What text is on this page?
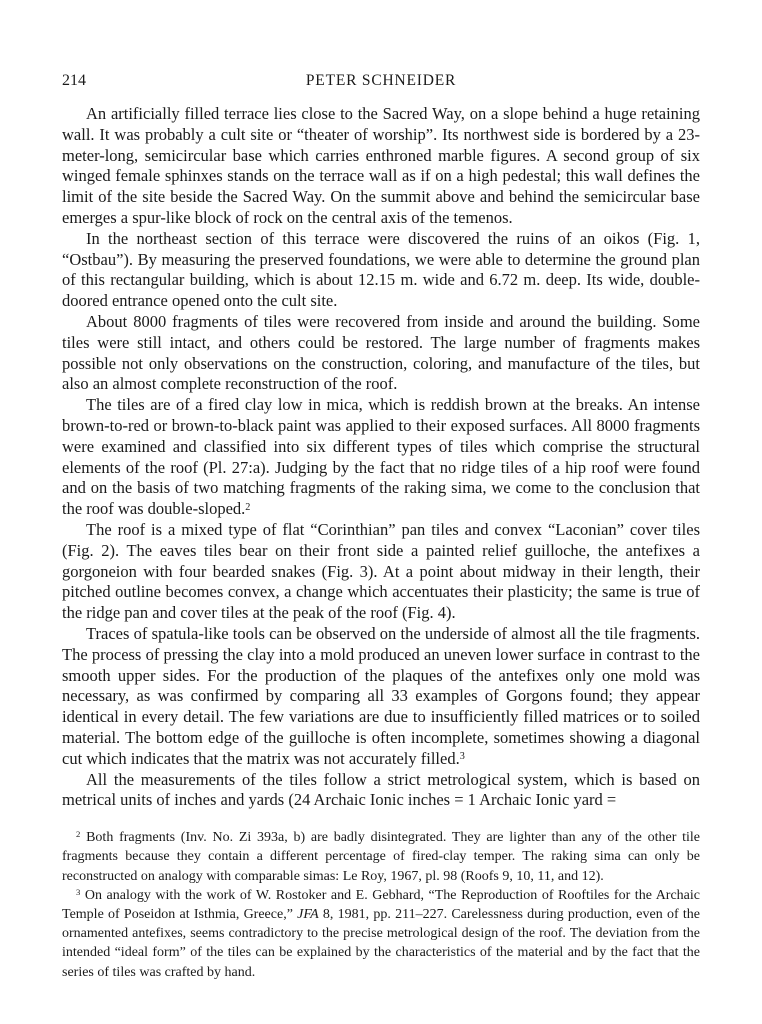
214	PETER SCHNEIDER

An artificially filled terrace lies close to the Sacred Way, on a slope behind a huge retaining wall. It was probably a cult site or “theater of worship”. Its northwest side is bordered by a 23-meter-long, semicircular base which carries enthroned marble figures. A second group of six winged female sphinxes stands on the terrace wall as if on a high pedestal; this wall defines the limit of the site beside the Sacred Way. On the summit above and behind the semicircular base emerges a spur-like block of rock on the central axis of the temenos.

In the northeast section of this terrace were discovered the ruins of an oikos (Fig. 1, “Ostbau”). By measuring the preserved foundations, we were able to determine the ground plan of this rectangular building, which is about 12.15 m. wide and 6.72 m. deep. Its wide, double-doored entrance opened onto the cult site.

About 8000 fragments of tiles were recovered from inside and around the building. Some tiles were still intact, and others could be restored. The large number of fragments makes possible not only observations on the construction, coloring, and manufacture of the tiles, but also an almost complete reconstruction of the roof.

The tiles are of a fired clay low in mica, which is reddish brown at the breaks. An intense brown-to-red or brown-to-black paint was applied to their exposed surfaces. All 8000 fragments were examined and classified into six different types of tiles which comprise the structural elements of the roof (Pl. 27:a). Judging by the fact that no ridge tiles of a hip roof were found and on the basis of two matching fragments of the raking sima, we come to the conclusion that the roof was double-sloped.$^2$

The roof is a mixed type of flat “Corinthian” pan tiles and convex “Laconian” cover tiles (Fig. 2). The eaves tiles bear on their front side a painted relief guilloche, the antefixes a gorgoneion with four bearded snakes (Fig. 3). At a point about midway in their length, their pitched outline becomes convex, a change which accentuates their plasticity; the same is true of the ridge pan and cover tiles at the peak of the roof (Fig. 4).

Traces of spatula-like tools can be observed on the underside of almost all the tile fragments. The process of pressing the clay into a mold produced an uneven lower surface in contrast to the smooth upper sides. For the production of the plaques of the antefixes only one mold was necessary, as was confirmed by comparing all 33 examples of Gorgons found; they appear identical in every detail. The few variations are due to insufficiently filled matrices or to soiled material. The bottom edge of the guilloche is often incomplete, sometimes showing a diagonal cut which indicates that the matrix was not accurately filled.$^3$

All the measurements of the tiles follow a strict metrological system, which is based on metrical units of inches and yards (24 Archaic Ionic inches = 1 Archaic Ionic yard =

$^2$ Both fragments (Inv. No. Zi 393a, b) are badly disintegrated. They are lighter than any of the other tile fragments because they contain a different percentage of fired-clay temper. The raking sima can only be reconstructed on analogy with comparable simas: Le Roy, 1967, pl. 98 (Roofs 9, 10, 11, and 12).

$^3$ On analogy with the work of W. Rostoker and E. Gebhard, “The Reproduction of Rooftiles for the Archaic Temple of Poseidon at Isthmia, Greece,” JFA 8, 1981, pp. 211–227. Carelessness during production, even of the ornamented antefixes, seems contradictory to the precise metrological design of the roof. The deviation from the intended “ideal form” of the tiles can be explained by the characteristics of the material and by the fact that the series of tiles was crafted by hand.
